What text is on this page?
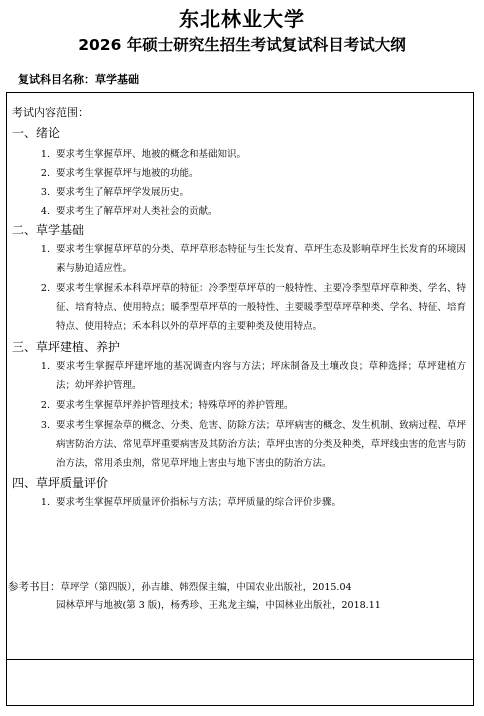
东北林业大学
2026 年硕士研究生招生考试复试科目考试大纲
复试科目名称：草学基础
考试内容范围：
一、绪论
1. 要求考生掌握草坪、地被的概念和基础知识。
2. 要求考生掌握草坪与地被的功能。
3. 要求考生了解草坪学发展历史。
4. 要求考生了解草坪对人类社会的贡献。
二、草学基础
1. 要求考生掌握草坪草的分类、草坪草形态特征与生长发育、草坪生态及影响草坪生长发育的环境因素与胁迫适应性。
2. 要求考生掌握禾本科草坪草的特征：冷季型草坪草的一般特性、主要冷季型草坪草种类、学名、特征、培育特点、使用特点；暖季型草坪草的一般特性、主要暖季型草坪草种类、学名、特征、培育特点、使用特点；禾本科以外的草坪草的主要种类及使用特点。
三、草坪建植、养护
1. 要求考生掌握草坪建坪地的基况调查内容与方法；坪床制备及土壤改良；草种选择；草坪建植方法；幼坪养护管理。
2. 要求考生掌握草坪养护管理技术；特殊草坪的养护管理。
3. 要求考生掌握杂草的概念、分类、危害、防除方法；草坪病害的概念、发生机制、致病过程、草坪病害防治方法、常见草坪重要病害及其防治方法；草坪虫害的分类及种类，草坪线虫害的危害与防治方法，常用杀虫剂，常见草坪地上害虫与地下害虫的防治方法。
四、草坪质量评价
1. 要求考生掌握草坪质量评价指标与方法；草坪质量的综合评价步骤。
参考书目：草坪学（第四版），孙吉雄、韩烈保主编，中国农业出版社，2015.04
园林草坪与地被(第 3 版)，杨秀珍、王兆龙主编，中国林业出版社，2018.11
